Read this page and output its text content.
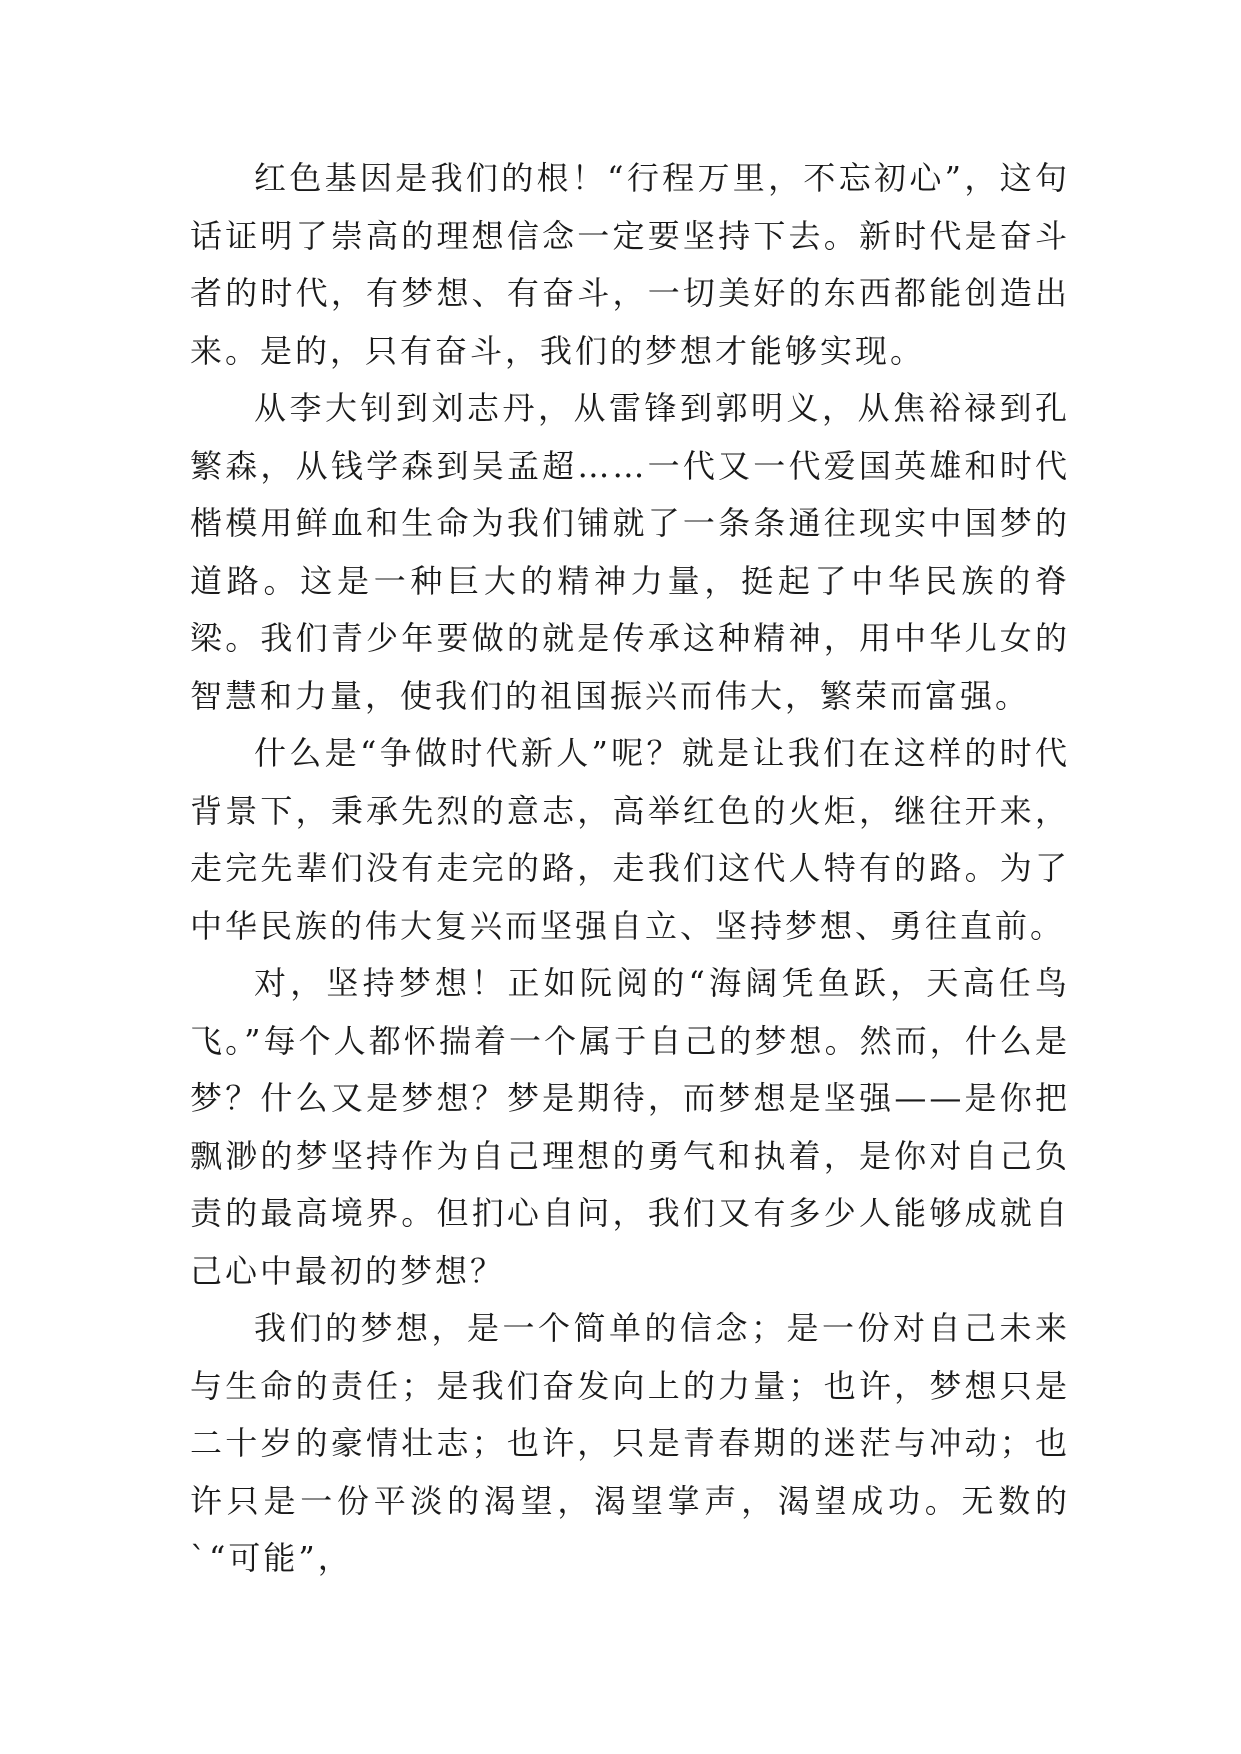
红色基因是我们的根！“行程万里，不忘初心”，这句话证明了崇高的理想信念一定要坚持下去。新时代是奋斗者的时代，有梦想、有奋斗，一切美好的东西都能创造出来。是的，只有奋斗，我们的梦想才能够实现。

从李大钊到刘志丹，从雷锋到郭明义，从焦裕禄到孔繁森，从钱学森到吴孟超……一代又一代爱国英雄和时代楷模用鲜血和生命为我们铺就了一条条通往现实中国梦的道路。这是一种巨大的精神力量，挺起了中华民族的脊梁。我们青少年要做的就是传承这种精神，用中华儿女的智慧和力量，使我们的祖国振兴而伟大，繁荣而富强。

什么是“争做时代新人”呢？就是让我们在这样的时代背景下，秉承先烈的意志，高举红色的火炬，继往开来，走完先辈们没有走完的路，走我们这代人特有的路。为了中华民族的伟大复兴而坚强自立、坚持梦想、勇往直前。

对，坚持梦想！正如阮阅的“海阔凭鱼跃，天高任鸟飞。”每个人都怀揣着一个属于自己的梦想。然而，什么是梦？什么又是梦想？梦是期待，而梦想是坚强——是你把飘渺的梦坚持作为自己理想的勇气和执着，是你对自己负责的最高境界。但扪心自问，我们又有多少人能够成就自己心中最初的梦想？

我们的梦想，是一个简单的信念；是一份对自己未来与生命的责任；是我们奋发向上的力量；也许，梦想只是二十岁的豪情壮志；也许，只是青春期的迷茫与冲动；也许只是一份平淡的渴望，渴望掌声，渴望成功。无数的`“可能”，
